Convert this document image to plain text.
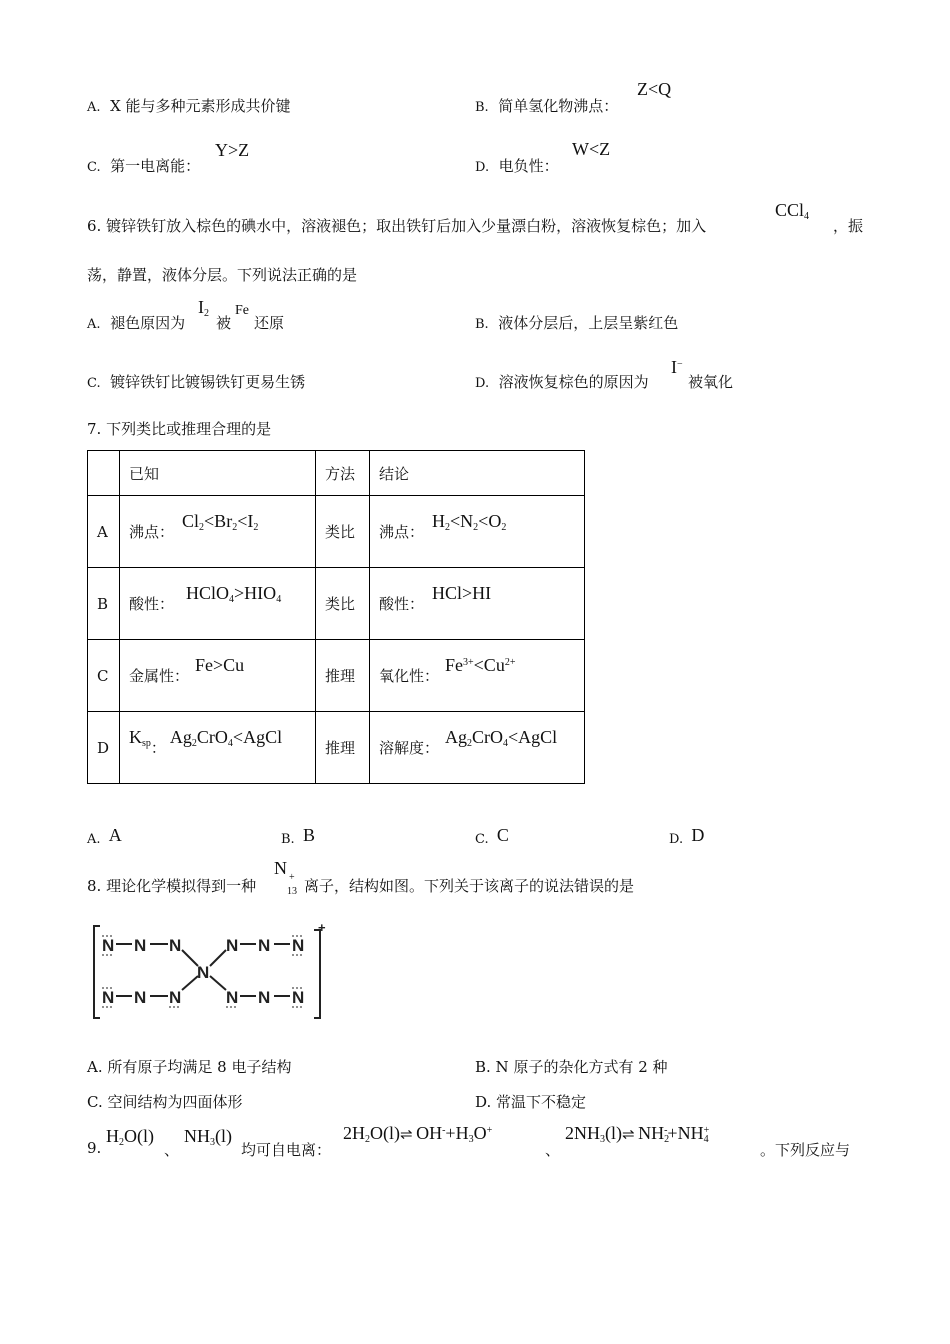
A. X 能与多种元素形成共价键	B. 简单氢化物沸点：
Z<Q
C. 第一电离能：
Y>Z
D. 电负性：
W<Z
6. 镀锌铁钉放入棕色的碘水中，溶液褪色；取出铁钉后加入少量漂白粉，溶液恢复棕色；加入
CCl$_4$
，振
荡，静置，液体分层。下列说法正确的是
A. 褪色原因为
$I_2$
被
Fe
还原	B. 液体分层后，上层呈紫红色
C. 镀锌铁钉比镀锡铁钉更易生锈	D. 溶液恢复棕色的原因为
I−
被氧化
7. 下列类比或推理合理的是
	已知	方法	结论
A	沸点：$Cl_2<Br_2<I_2$	类比	沸点：$H_2<N_2<O_2$
B	酸性：$HClO_4>HIO_4$	类比	酸性：HCl>HI
C	金属性：Fe>Cu	推理	氧化性：$Fe^{3+}<Cu^{2+}$
D	$K_{sp}$：$Ag_2CrO_4<AgCl$	推理	溶解度：$Ag_2CrO_4<AgCl$
A. A	B. B	C. C	D. D
8. 理论化学模拟得到一种
N +
13 离子，结构如图。下列关于该离子的说法错误的是
N N N
N N N
N
N N N
N N N
+
A. 所有原子均满足 8 电子结构	B. N 原子的杂化方式有 2 种
C. 空间结构为四面体形	D. 常温下不稳定
9.
$H_2O(l)$
、
$NH_3(l)$
均可自电离：
$2H_2O(l)\rightleftharpoons$ $OH^-+H_3O^+$
、
$2NH_3(l)\rightleftharpoons$ $NH_2^-+NH_4^+$
。下列反应与
